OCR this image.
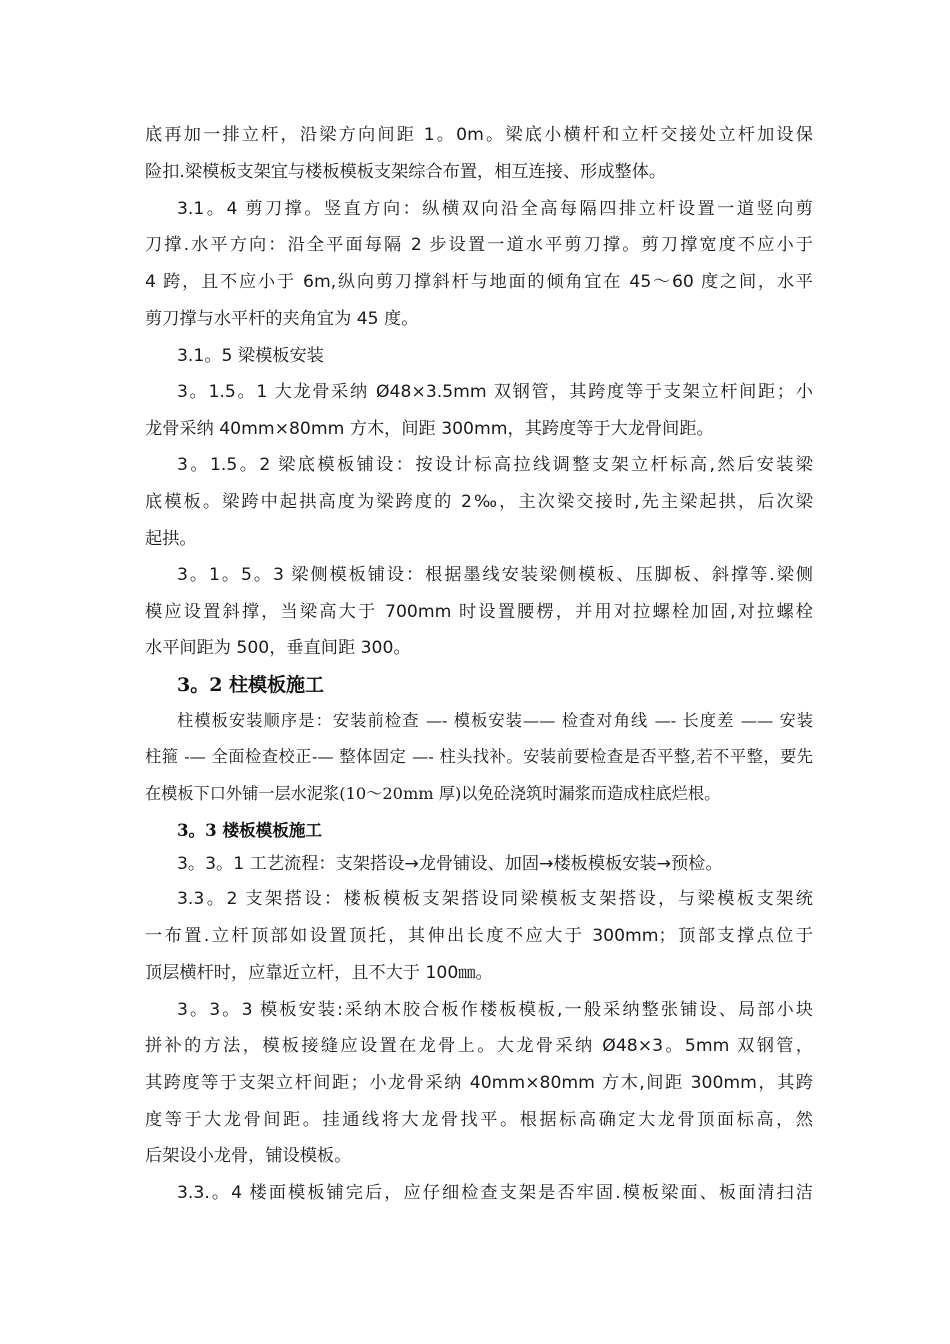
底再加一排立杆，沿梁方向间距 1。0m。梁底小横杆和立杆交接处立杆加设保
险扣.梁模板支架宜与楼板模板支架综合布置，相互连接、形成整体。
3.1。4 剪刀撑。竖直方向：纵横双向沿全高每隔四排立杆设置一道竖向剪
刀撑.水平方向：沿全平面每隔 2 步设置一道水平剪刀撑。剪刀撑宽度不应小于
4 跨，且不应小于 6m,纵向剪刀撑斜杆与地面的倾角宜在 45～60 度之间，水平
剪刀撑与水平杆的夹角宜为 45 度。
3.1。5 梁模板安装
3。1.5。1 大龙骨采纳 Ø48×3.5mm 双钢管，其跨度等于支架立杆间距；小
龙骨采纳 40mm×80mm 方木，间距 300mm，其跨度等于大龙骨间距。
3。1.5。2 梁底模板铺设：按设计标高拉线调整支架立杆标高,然后安装梁
底模板。梁跨中起拱高度为梁跨度的 2‰，主次梁交接时,先主梁起拱，后次梁
起拱。
3。1。5。3 梁侧模板铺设：根据墨线安装梁侧模板、压脚板、斜撑等.梁侧
模应设置斜撑，当梁高大于 700mm 时设置腰楞，并用对拉螺栓加固,对拉螺栓
水平间距为 500，垂直间距 300。
3。2 柱模板施工
柱模板安装顺序是：安装前检查 —- 模板安装—— 检查对角线 —- 长度差 —— 安装
柱箍 -— 全面检查校正-— 整体固定 —- 柱头找补。安装前要检查是否平整,若不平整，要先
在模板下口外铺一层水泥浆(10～20mm 厚)以免砼浇筑时漏浆而造成柱底烂根。
3。3 楼板模板施工
3。3。1 工艺流程：支架搭设→龙骨铺设、加固→楼板模板安装→预检。
3.3。2 支架搭设：楼板模板支架搭设同梁模板支架搭设，与梁模板支架统
一布置.立杆顶部如设置顶托，其伸出长度不应大于 300mm；顶部支撑点位于
顶层横杆时，应靠近立杆，且不大于 100㎜。
3。3。3 模板安装:采纳木胶合板作楼板模板,一般采纳整张铺设、局部小块
拼补的方法，模板接缝应设置在龙骨上。大龙骨采纳 Ø48×3。5mm 双钢管，
其跨度等于支架立杆间距；小龙骨采纳 40mm×80mm 方木,间距 300mm，其跨
度等于大龙骨间距。挂通线将大龙骨找平。根据标高确定大龙骨顶面标高，然
后架设小龙骨，铺设模板。
3.3.。4 楼面模板铺完后，应仔细检查支架是否牢固.模板梁面、板面清扫洁
